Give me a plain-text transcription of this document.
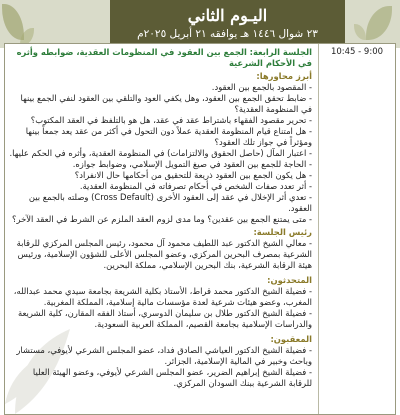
اليـوم الثاني
٢٣ شوال ١٤٤٦ هـ يوافقه ٢١ أبريل ٢٠٢٥م
10:45 - 9:00
الجلسة الرابعة: الجمع بين العقود في المنظومات العقدية، ضوابطه وأثره في الأحكام الشرعية
أبرز محاورها:
- المقصود بالجمع بين العقود.
- ضابط تحقق الجمع بين العقود، وهل يكفي العود والتلقي بين العقود لنفي الجمع بينها في المنظومة العقدية؟
- تحرير مقصود الفقهاء باشتراط عقد في عقد، هل هو بالتلفظ في العقد المكتوب؟
- هل امتناع قيام المنظومة العقدية عملاً دون التحول في أكثر من عقد يعد جمعاً بينها ومؤثراً في جواز تلك العقود؟
- اعتبار المآل (حاصل الحقوق والالتزامات) في المنظومة العقدية، وأثره في الحكم عليها.
- الحاجة للجمع بين العقود في صيغ التمويل الإسلامي، وضوابط جوازه.
- هل يكون الجمع بين العقود ذريعة للتحقيق من أحكامها حال الانفراد؟
- أثر تعدد صفات الشخص في أحكام تصرفاته في المنظومة العقدية.
- تعدي أثر الإخلال في عقد إلى العقود الأخرى (Cross Default) وصلته بالجمع بين العقود.
- متى يمتنع الجمع بين عقدين؟ وما مدى لزوم العقد الملزم عن الشرط في العقد الآخر؟
رئيس الجلسة:
- معالي الشيخ الدكتور عبد اللطيف محمود آل محمود، رئيس المجلس المركزي للرقابة الشرعية بمصرف البحرين المركزي، وعضو المجلس الأعلى للشؤون الإسلامية، ورئيس هيئة الرقابة الشرعية، بنك البحرين الإسلامي، مملكة البحرين.
المتحدثون:
- فضيلة الشيخ الدكتور محمد قراط، الأستاذ بكلية الشريعة بجامعة سيدي محمد عبدالله، المغرب، وعضو هيئات شرعية لعدة مؤسسات مالية إسلامية، المملكة المغربية.
- فضيلة الشيخ الدكتور طلال بن سليمان الدوسري، أستاذ الفقه المقارن، كلية الشريعة والدراسات الإسلامية بجامعة القصيم، المملكة العربية السعودية.
المعقبون:
- فضيلة الشيخ الدكتور العياشي الصادق فداد، عضو المجلس الشرعي لأيوفي، مستشار وباحث وخبير في المالية الإسلامية، الجزائر.
- فضيلة الشيخ إبراهيم الضرير، عضو المجلس الشرعي لأيوفي، وعضو الهيئة العليا للرقابة الشرعية ببنك السودان المركزي.
